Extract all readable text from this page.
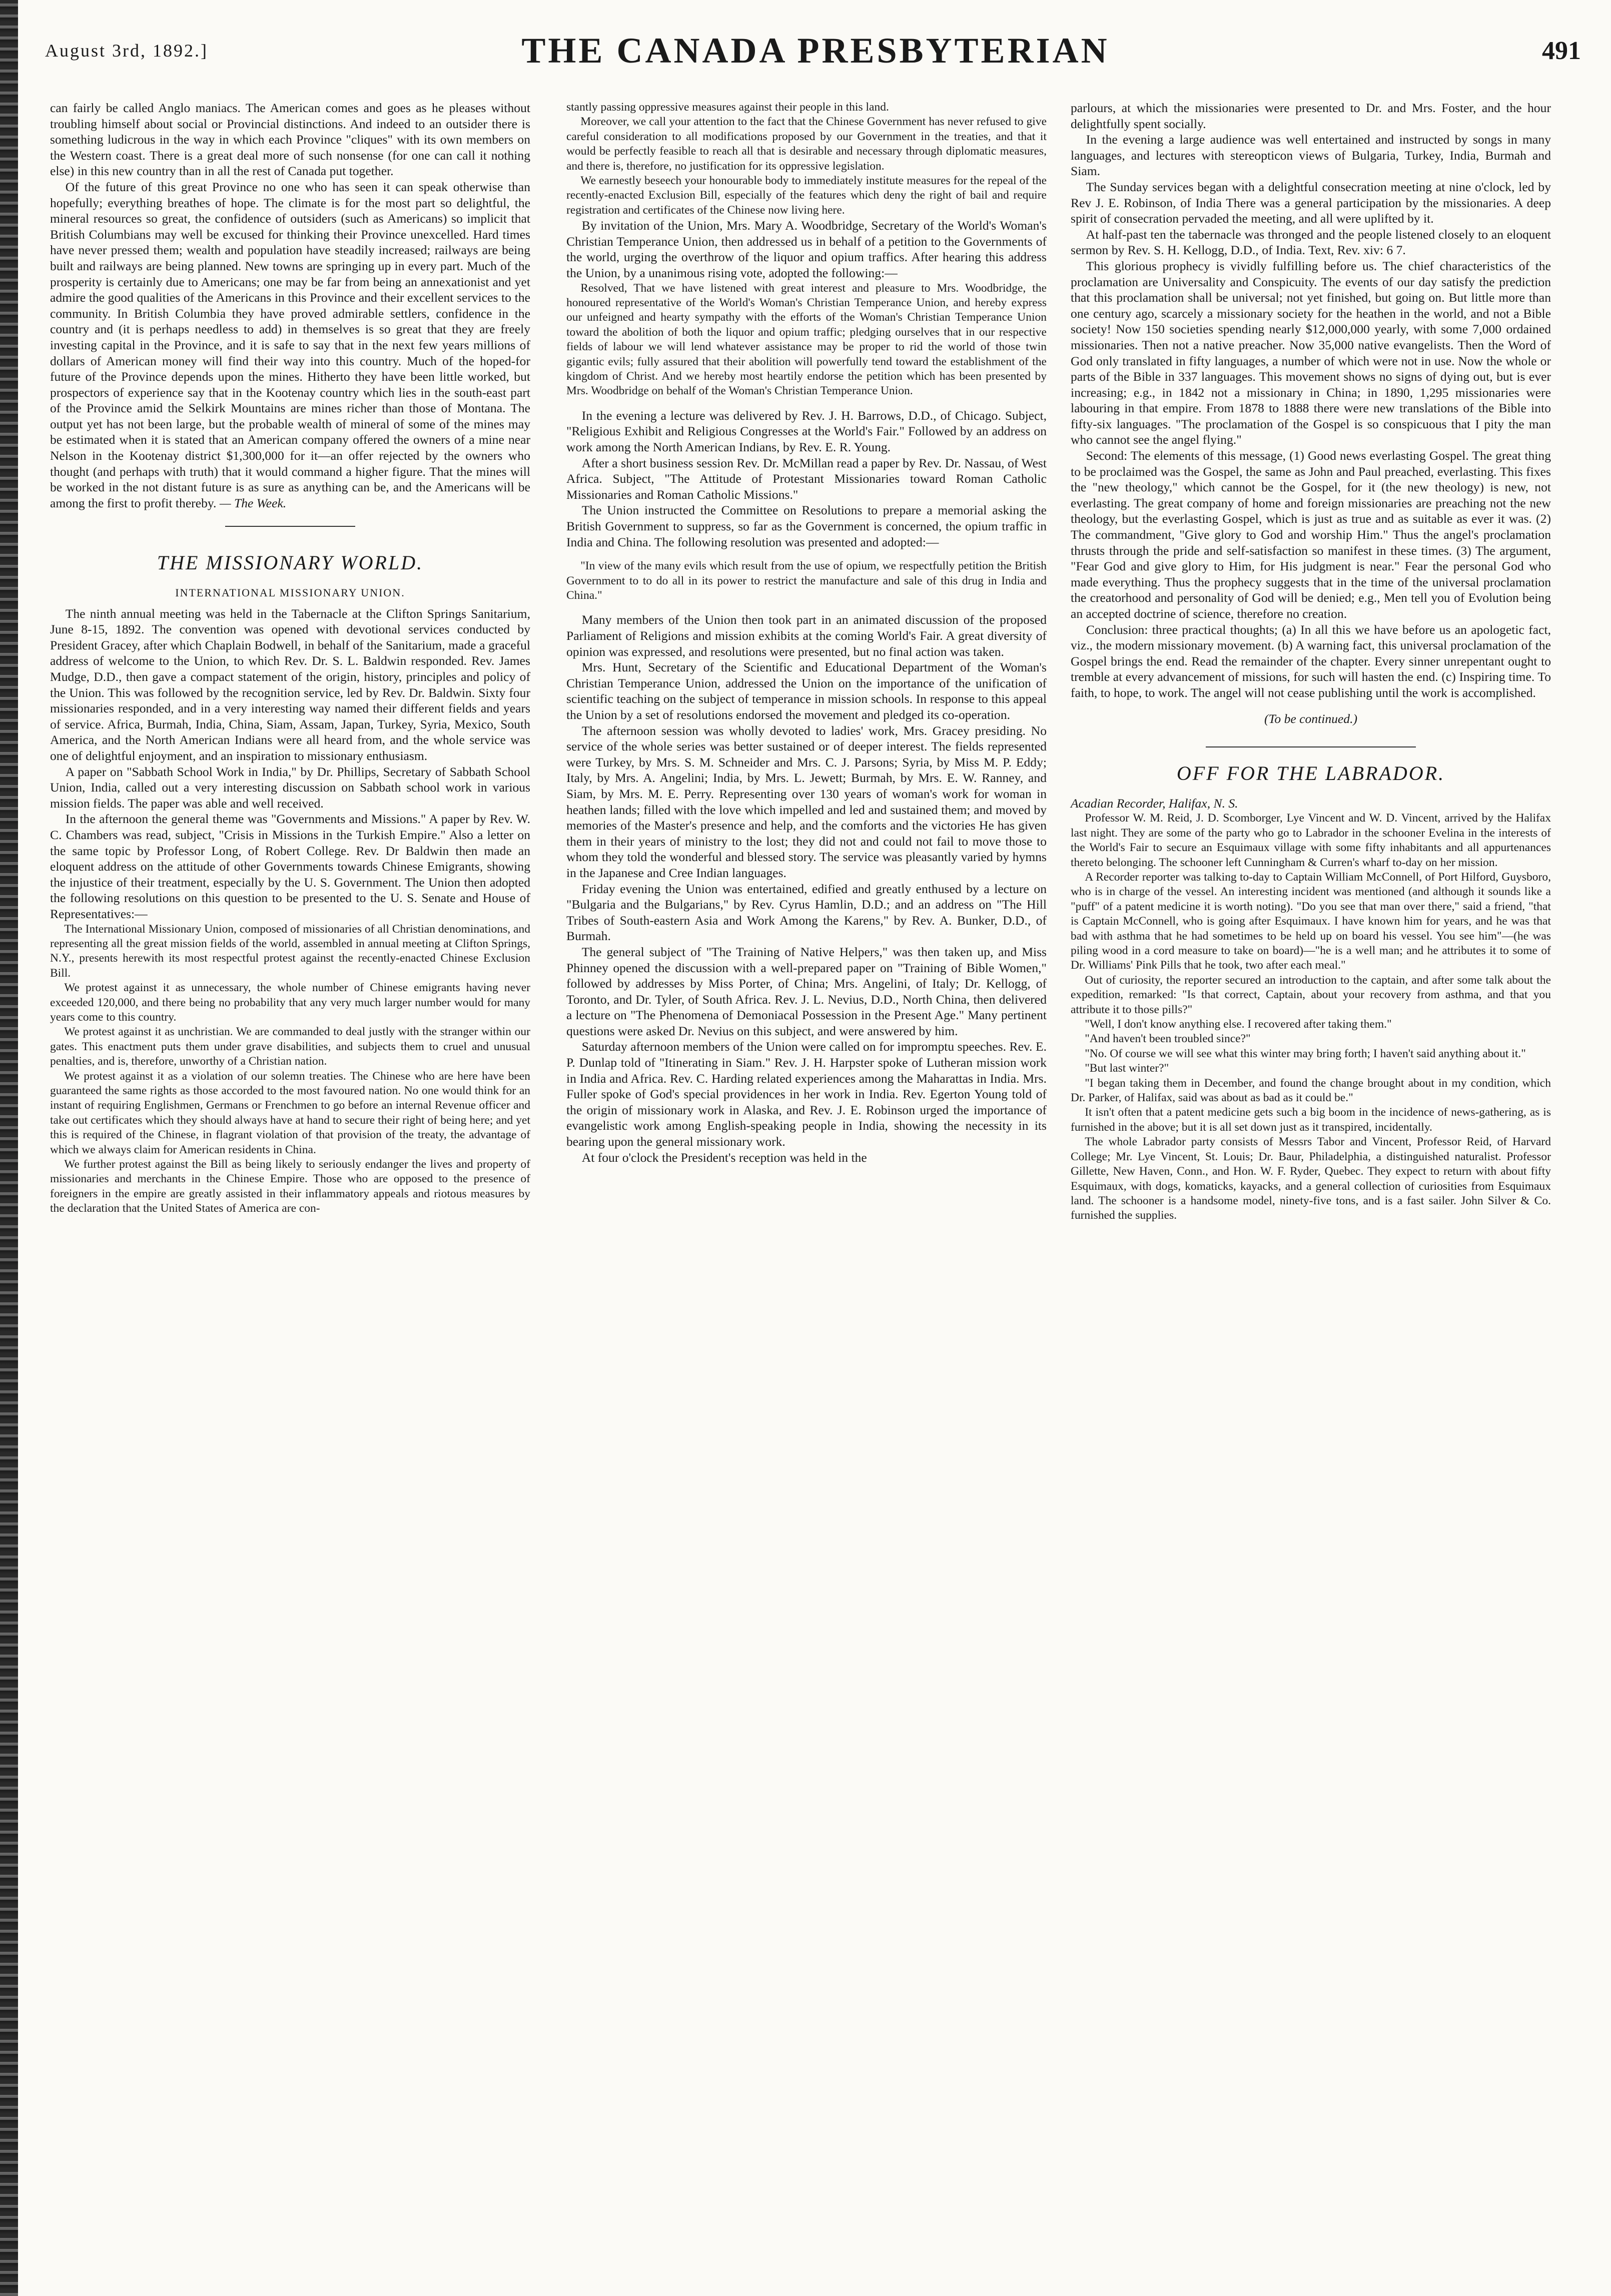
August 3rd, 1892.]	THE CANADA PRESBYTERIAN	491

can fairly be called Anglo maniacs. The American comes and goes as he pleases without troubling himself about social or Provincial distinctions. And indeed to an outsider there is something ludicrous in the way in which each Province "cliques" with its own members on the Western coast. There is a great deal more of such nonsense (for one can call it nothing else) in this new country than in all the rest of Canada put together.

Of the future of this great Province no one who has seen it can speak otherwise than hopefully; everything breathes of hope. The climate is for the most part so delightful, the mineral resources so great, the confidence of outsiders (such as Americans) so implicit that British Columbians may well be excused for thinking their Province unexcelled. Hard times have never pressed them; wealth and population have steadily increased; railways are being built and railways are being planned. New towns are springing up in every part. Much of the prosperity is certainly due to Americans; one may be far from being an annexationist and yet admire the good qualities of the Americans in this Province and their excellent services to the community. In British Columbia they have proved admirable settlers, confidence in the country and (it is perhaps needless to add) in themselves is so great that they are freely investing capital in the Province, and it is safe to say that in the next few years millions of dollars of American money will find their way into this country. Much of the hoped-for future of the Province depends upon the mines. Hitherto they have been little worked, but prospectors of experience say that in the Kootenay country which lies in the south-east part of the Province amid the Selkirk Mountains are mines richer than those of Montana. The output yet has not been large, but the probable wealth of mineral of some of the mines may be estimated when it is stated that an American company offered the owners of a mine near Nelson in the Kootenay district $1,300,000 for it—an offer rejected by the owners who thought (and perhaps with truth) that it would command a higher figure. That the mines will be worked in the not distant future is as sure as anything can be, and the Americans will be among the first to profit thereby. — The Week.

THE MISSIONARY WORLD.
INTERNATIONAL MISSIONARY UNION.

The ninth annual meeting was held in the Tabernacle at the Clifton Springs Sanitarium, June 8-15, 1892. The convention was opened with devotional services conducted by President Gracey, after which Chaplain Bodwell, in behalf of the Sanitarium, made a graceful address of welcome to the Union, to which Rev. Dr. S. L. Baldwin responded. Rev. James Mudge, D.D., then gave a compact statement of the origin, history, principles and policy of the Union. This was followed by the recognition service, led by Rev. Dr. Baldwin. Sixty four missionaries responded, and in a very interesting way named their different fields and years of service. Africa, Burmah, India, China, Siam, Assam, Japan, Turkey, Syria, Mexico, South America, and the North American Indians were all heard from, and the whole service was one of delightful enjoyment, and an inspiration to missionary enthusiasm.

A paper on "Sabbath School Work in India," by Dr. Phillips, Secretary of Sabbath School Union, India, called out a very interesting discussion on Sabbath school work in various mission fields. The paper was able and well received.

In the afternoon the general theme was "Governments and Missions." A paper by Rev. W. C. Chambers was read, subject, "Crisis in Missions in the Turkish Empire." Also a letter on the same topic by Professor Long, of Robert College. Rev. Dr Baldwin then made an eloquent address on the attitude of other Governments towards Chinese Emigrants, showing the injustice of their treatment, especially by the U. S. Government. The Union then adopted the following resolutions on this question to be presented to the U. S. Senate and House of Representatives:—

The International Missionary Union, composed of missionaries of all Christian denominations, and representing all the great mission fields of the world, assembled in annual meeting at Clifton Springs, N.Y., presents herewith its most respectful protest against the recently-enacted Chinese Exclusion Bill.

We protest against it as unnecessary, the whole number of Chinese emigrants having never exceeded 120,000, and there being no probability that any very much larger number would for many years come to this country.

We protest against it as unchristian. We are commanded to deal justly with the stranger within our gates. This enactment puts them under grave disabilities, and subjects them to cruel and unusual penalties, and is, therefore, unworthy of a Christian nation.

We protest against it as a violation of our solemn treaties. The Chinese who are here have been guaranteed the same rights as those accorded to the most favoured nation. No one would think for an instant of requiring Englishmen, Germans or Frenchmen to go before an internal Revenue officer and take out certificates which they should always have at hand to secure their right of being here; and yet this is required of the Chinese, in flagrant violation of that provision of the treaty, the advantage of which we always claim for American residents in China.

We further protest against the Bill as being likely to seriously endanger the lives and property of missionaries and merchants in the Chinese Empire. Those who are opposed to the presence of foreigners in the empire are greatly assisted in their inflammatory appeals and riotous measures by the declaration that the United States of America are con-

stantly passing oppressive measures against their people in this land.

Moreover, we call your attention to the fact that the Chinese Government has never refused to give careful consideration to all modifications proposed by our Government in the treaties, and that it would be perfectly feasible to reach all that is desirable and necessary through diplomatic measures, and there is, therefore, no justification for its oppressive legislation.

We earnestly beseech your honourable body to immediately institute measures for the repeal of the recently-enacted Exclusion Bill, especially of the features which deny the right of bail and require registration and certificates of the Chinese now living here.

By invitation of the Union, Mrs. Mary A. Woodbridge, Secretary of the World's Woman's Christian Temperance Union, then addressed us in behalf of a petition to the Governments of the world, urging the overthrow of the liquor and opium traffics. After hearing this address the Union, by a unanimous rising vote, adopted the following:—

Resolved, That we have listened with great interest and pleasure to Mrs. Woodbridge, the honoured representative of the World's Woman's Christian Temperance Union, and hereby express our unfeigned and hearty sympathy with the efforts of the Woman's Christian Temperance Union toward the abolition of both the liquor and opium traffic; pledging ourselves that in our respective fields of labour we will lend whatever assistance may be proper to rid the world of those twin gigantic evils; fully assured that their abolition will powerfully tend toward the establishment of the kingdom of Christ. And we hereby most heartily endorse the petition which has been presented by Mrs. Woodbridge on behalf of the Woman's Christian Temperance Union.

In the evening a lecture was delivered by Rev. J. H. Barrows, D.D., of Chicago. Subject, "Religious Exhibit and Religious Congresses at the World's Fair." Followed by an address on work among the North American Indians, by Rev. E. R. Young.

After a short business session Rev. Dr. McMillan read a paper by Rev. Dr. Nassau, of West Africa. Subject, "The Attitude of Protestant Missionaries toward Roman Catholic Missionaries and Roman Catholic Missions."

The Union instructed the Committee on Resolutions to prepare a memorial asking the British Government to suppress, so far as the Government is concerned, the opium traffic in India and China. The following resolution was presented and adopted:—

"In view of the many evils which result from the use of opium, we respectfully petition the British Government to to do all in its power to restrict the manufacture and sale of this drug in India and China."

Many members of the Union then took part in an animated discussion of the proposed Parliament of Religions and mission exhibits at the coming World's Fair. A great diversity of opinion was expressed, and resolutions were presented, but no final action was taken.

Mrs. Hunt, Secretary of the Scientific and Educational Department of the Woman's Christian Temperance Union, addressed the Union on the importance of the unification of scientific teaching on the subject of temperance in mission schools. In response to this appeal the Union by a set of resolutions endorsed the movement and pledged its co-operation.

The afternoon session was wholly devoted to ladies' work, Mrs. Gracey presiding. No service of the whole series was better sustained or of deeper interest. The fields represented were Turkey, by Mrs. S. M. Schneider and Mrs. C. J. Parsons; Syria, by Miss M. P. Eddy; Italy, by Mrs. A. Angelini; India, by Mrs. L. Jewett; Burmah, by Mrs. E. W. Ranney, and Siam, by Mrs. M. E. Perry. Representing over 130 years of woman's work for woman in heathen lands; filled with the love which impelled and led and sustained them; and moved by memories of the Master's presence and help, and the comforts and the victories He has given them in their years of ministry to the lost; they did not and could not fail to move those to whom they told the wonderful and blessed story. The service was pleasantly varied by hymns in the Japanese and Cree Indian languages.

Friday evening the Union was entertained, edified and greatly enthused by a lecture on "Bulgaria and the Bulgarians," by Rev. Cyrus Hamlin, D.D.; and an address on "The Hill Tribes of South-eastern Asia and Work Among the Karens," by Rev. A. Bunker, D.D., of Burmah.

The general subject of "The Training of Native Helpers," was then taken up, and Miss Phinney opened the discussion with a well-prepared paper on "Training of Bible Women," followed by addresses by Miss Porter, of China; Mrs. Angelini, of Italy; Dr. Kellogg, of Toronto, and Dr. Tyler, of South Africa. Rev. J. L. Nevius, D.D., North China, then delivered a lecture on "The Phenomena of Demoniacal Possession in the Present Age." Many pertinent questions were asked Dr. Nevius on this subject, and were answered by him.

Saturday afternoon members of the Union were called on for impromptu speeches. Rev. E. P. Dunlap told of "Itinerating in Siam." Rev. J. H. Harpster spoke of Lutheran mission work in India and Africa. Rev. C. Harding related experiences among the Maharattas in India. Mrs. Fuller spoke of God's special providences in her work in India. Rev. Egerton Young told of the origin of missionary work in Alaska, and Rev. J. E. Robinson urged the importance of evangelistic work among English-speaking people in India, showing the necessity in its bearing upon the general missionary work.

At four o'clock the President's reception was held in the

parlours, at which the missionaries were presented to Dr. and Mrs. Foster, and the hour delightfully spent socially.

In the evening a large audience was well entertained and instructed by songs in many languages, and lectures with stereopticon views of Bulgaria, Turkey, India, Burmah and Siam.

The Sunday services began with a delightful consecration meeting at nine o'clock, led by Rev J. E. Robinson, of India There was a general participation by the missionaries. A deep spirit of consecration pervaded the meeting, and all were uplifted by it.

At half-past ten the tabernacle was thronged and the people listened closely to an eloquent sermon by Rev. S. H. Kellogg, D.D., of India. Text, Rev. xiv: 6 7.

This glorious prophecy is vividly fulfilling before us. The chief characteristics of the proclamation are Universality and Conspicuity. The events of our day satisfy the prediction that this proclamation shall be universal; not yet finished, but going on. But little more than one century ago, scarcely a missionary society for the heathen in the world, and not a Bible society! Now 150 societies spending nearly $12,000,000 yearly, with some 7,000 ordained missionaries. Then not a native preacher. Now 35,000 native evangelists. Then the Word of God only translated in fifty languages, a number of which were not in use. Now the whole or parts of the Bible in 337 languages. This movement shows no signs of dying out, but is ever increasing; e.g., in 1842 not a missionary in China; in 1890, 1,295 missionaries were labouring in that empire. From 1878 to 1888 there were new translations of the Bible into fifty-six languages. "The proclamation of the Gospel is so conspicuous that I pity the man who cannot see the angel flying."

Second: The elements of this message, (1) Good news everlasting Gospel. The great thing to be proclaimed was the Gospel, the same as John and Paul preached, everlasting. This fixes the "new theology," which cannot be the Gospel, for it (the new theology) is new, not everlasting. The great company of home and foreign missionaries are preaching not the new theology, but the everlasting Gospel, which is just as true and as suitable as ever it was. (2) The commandment, "Give glory to God and worship Him." Thus the angel's proclamation thrusts through the pride and self-satisfaction so manifest in these times. (3) The argument, "Fear God and give glory to Him, for His judgment is near." Fear the personal God who made everything. Thus the prophecy suggests that in the time of the universal proclamation the creatorhood and personality of God will be denied; e.g., Men tell you of Evolution being an accepted doctrine of science, therefore no creation.

Conclusion: three practical thoughts; (a) In all this we have before us an apologetic fact, viz., the modern missionary movement. (b) A warning fact, this universal proclamation of the Gospel brings the end. Read the remainder of the chapter. Every sinner unrepentant ought to tremble at every advancement of missions, for such will hasten the end. (c) Inspiring time. To faith, to hope, to work. The angel will not cease publishing until the work is accomplished.

(To be continued.)
OFF FOR THE LABRADOR.

Acadian Recorder, Halifax, N. S.

Professor W. M. Reid, J. D. Scomborger, Lye Vincent and W. D. Vincent, arrived by the Halifax last night. They are some of the party who go to Labrador in the schooner Evelina in the interests of the World's Fair to secure an Esquimaux village with some fifty inhabitants and all appurtenances thereto belonging. The schooner left Cunningham & Curren's wharf to-day on her mission.

A Recorder reporter was talking to-day to Captain William McConnell, of Port Hilford, Guysboro, who is in charge of the vessel. An interesting incident was mentioned (and although it sounds like a "puff" of a patent medicine it is worth noting). "Do you see that man over there," said a friend, "that is Captain McConnell, who is going after Esquimaux. I have known him for years, and he was that bad with asthma that he had sometimes to be held up on board his vessel. You see him"—(he was piling wood in a cord measure to take on board)—"he is a well man; and he attributes it to some of Dr. Williams' Pink Pills that he took, two after each meal."

Out of curiosity, the reporter secured an introduction to the captain, and after some talk about the expedition, remarked: "Is that correct, Captain, about your recovery from asthma, and that you attribute it to those pills?"

"Well, I don't know anything else. I recovered after taking them."

"And haven't been troubled since?"

"No. Of course we will see what this winter may bring forth; I haven't said anything about it."

"But last winter?"

"I began taking them in December, and found the change brought about in my condition, which Dr. Parker, of Halifax, said was about as bad as it could be."

It isn't often that a patent medicine gets such a big boom in the incidence of news-gathering, as is furnished in the above; but it is all set down just as it transpired, incidentally.

The whole Labrador party consists of Messrs Tabor and Vincent, Professor Reid, of Harvard College; Mr. Lye Vincent, St. Louis; Dr. Baur, Philadelphia, a distinguished naturalist. Professor Gillette, New Haven, Conn., and Hon. W. F. Ryder, Quebec. They expect to return with about fifty Esquimaux, with dogs, komaticks, kayacks, and a general collection of curiosities from Esquimaux land. The schooner is a handsome model, ninety-five tons, and is a fast sailer. John Silver & Co. furnished the supplies.
